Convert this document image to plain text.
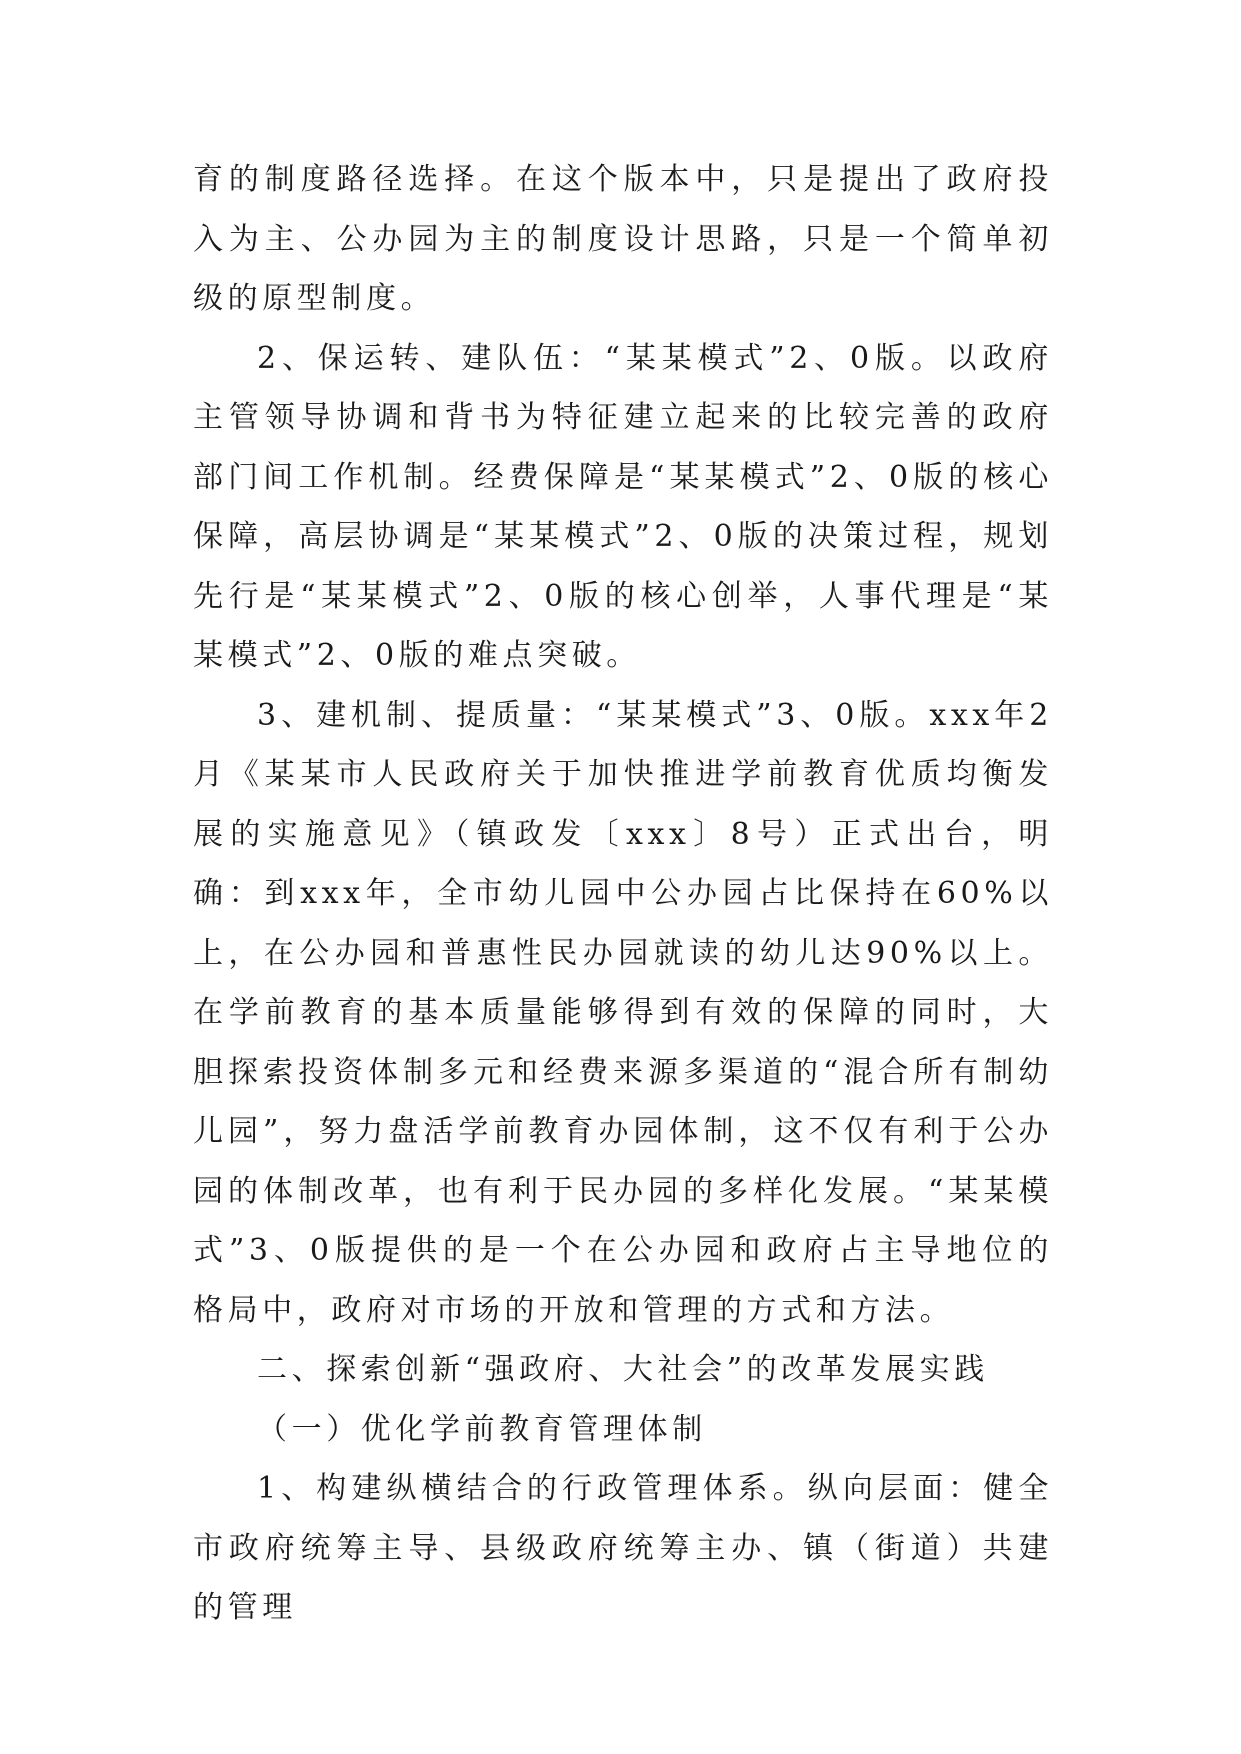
育的制度路径选择。在这个版本中，只是提出了政府投入为主、公办园为主的制度设计思路，只是一个简单初级的原型制度。

2、保运转、建队伍：“某某模式”2、0版。以政府主管领导协调和背书为特征建立起来的比较完善的政府部门间工作机制。经费保障是“某某模式”2、0版的核心保障，高层协调是“某某模式”2、0版的决策过程，规划先行是“某某模式”2、0版的核心创举，人事代理是“某某模式”2、0版的难点突破。

3、建机制、提质量：“某某模式”3、0版。xxx年2月《某某市人民政府关于加快推进学前教育优质均衡发展的实施意见》（镇政发〔xxx〕8号）正式出台，明确：到xxx年，全市幼儿园中公办园占比保持在60%以上，在公办园和普惠性民办园就读的幼儿达90%以上。在学前教育的基本质量能够得到有效的保障的同时，大胆探索投资体制多元和经费来源多渠道的“混合所有制幼儿园”，努力盘活学前教育办园体制，这不仅有利于公办园的体制改革，也有利于民办园的多样化发展。“某某模式”3、0版提供的是一个在公办园和政府占主导地位的格局中，政府对市场的开放和管理的方式和方法。

二、探索创新“强政府、大社会”的改革发展实践

（一）优化学前教育管理体制

1、构建纵横结合的行政管理体系。纵向层面：健全市政府统筹主导、县级政府统筹主办、镇（街道）共建的管理
